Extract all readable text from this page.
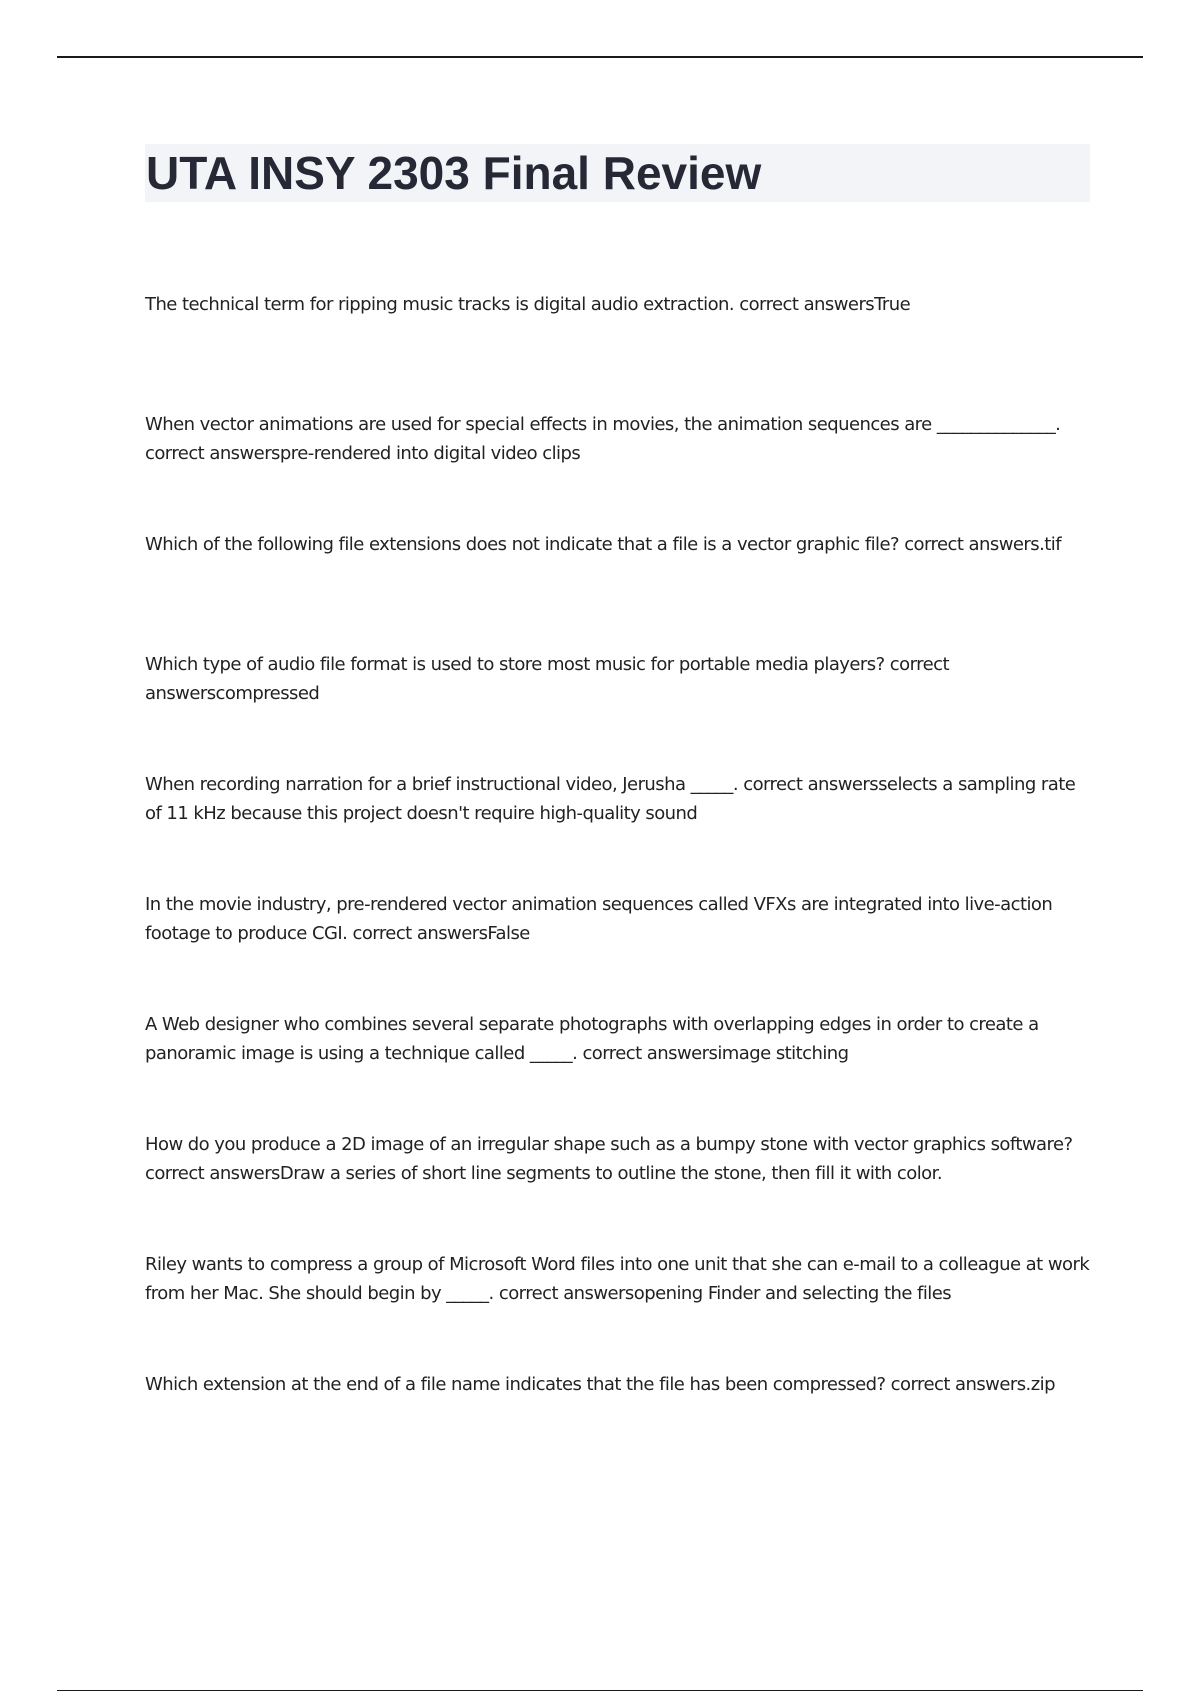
UTA INSY 2303 Final Review

The technical term for ripping music tracks is digital audio extraction. correct answersTrue

When vector animations are used for special effects in movies, the animation sequences are ______________. correct answerspre-rendered into digital video clips

Which of the following file extensions does not indicate that a file is a vector graphic file? correct answers.tif

Which type of audio file format is used to store most music for portable media players? correct answerscompressed

When recording narration for a brief instructional video, Jerusha _____. correct answersselects a sampling rate of 11 kHz because this project doesn't require high-quality sound

In the movie industry, pre-rendered vector animation sequences called VFXs are integrated into live-action footage to produce CGI. correct answersFalse

A Web designer who combines several separate photographs with overlapping edges in order to create a panoramic image is using a technique called _____. correct answersimage stitching

How do you produce a 2D image of an irregular shape such as a bumpy stone with vector graphics software? correct answersDraw a series of short line segments to outline the stone, then fill it with color.

Riley wants to compress a group of Microsoft Word files into one unit that she can e-mail to a colleague at work from her Mac. She should begin by _____. correct answersopening Finder and selecting the files

Which extension at the end of a file name indicates that the file has been compressed? correct answers.zip
